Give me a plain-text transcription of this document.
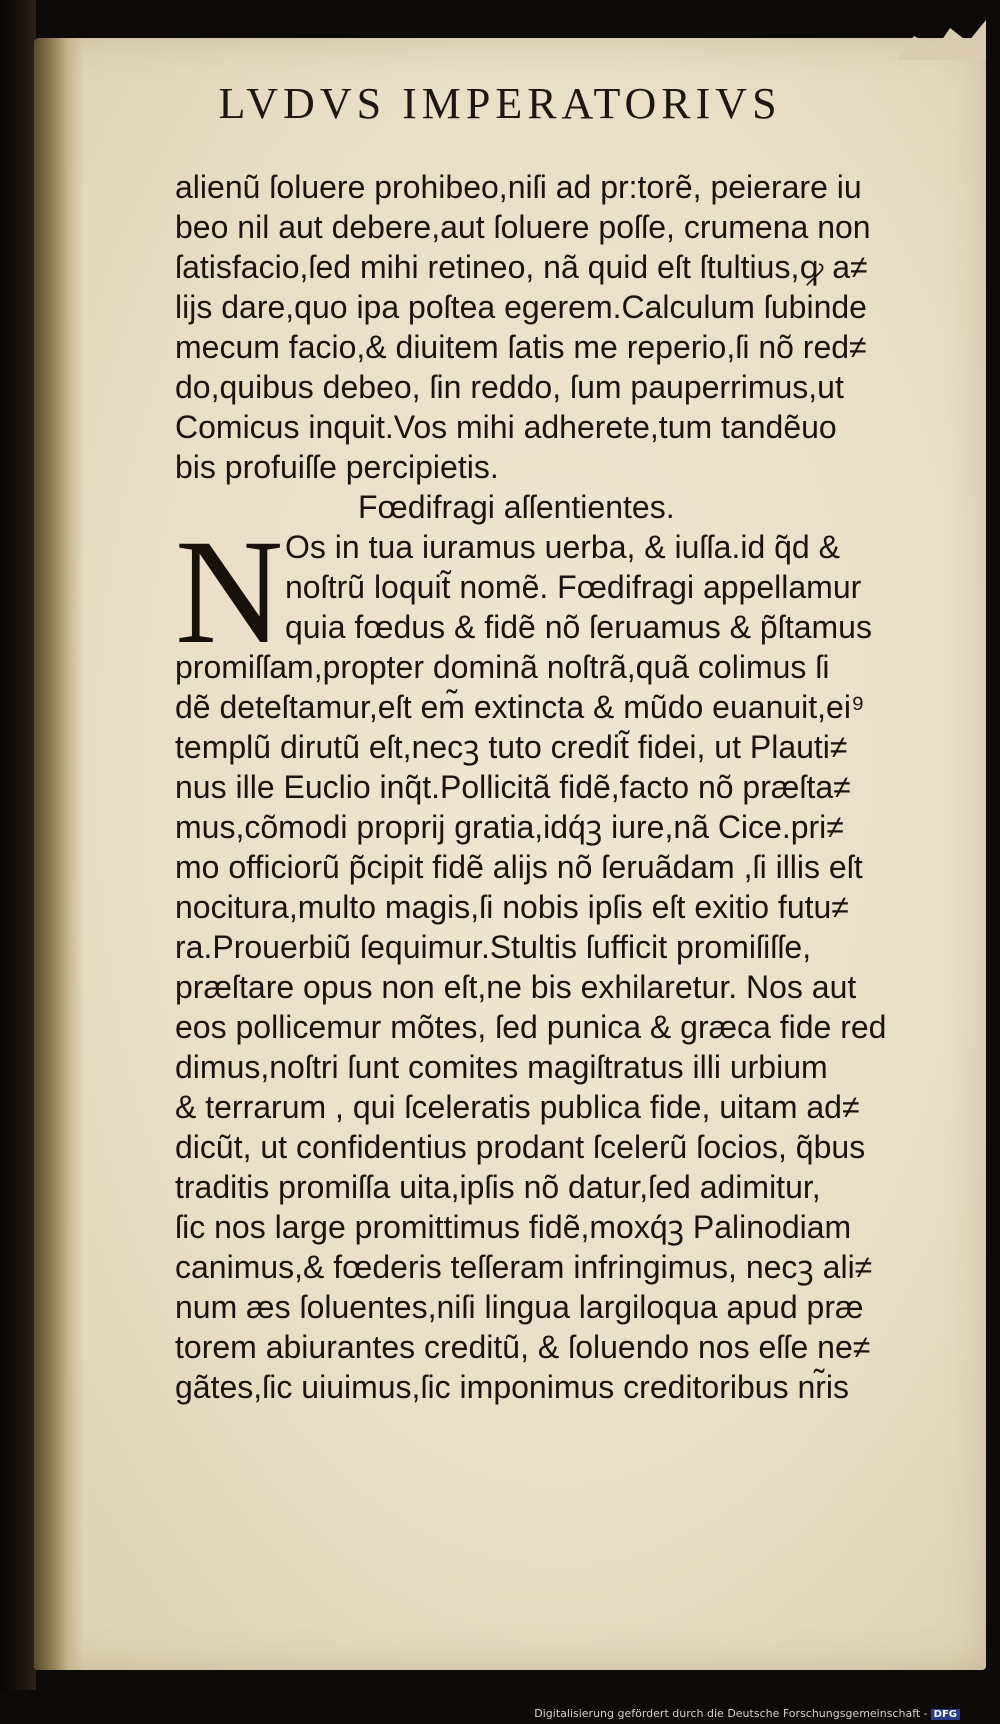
LVDVS IMPERATORIVS
alienũ ſoluere prohibeo,niſi ad pr:torẽ, peierare iu
beo nil aut debere,aut ſoluere poſſe, crumena non
ſatisfacio,ſed mihi retineo, nã quid eſt ſtultius,ꝙ a≠
lijs dare,quo ipa poſtea egerem.Calculum ſubinde
mecum facio,& diuitem ſatis me reperio,ſi nõ red≠
do,quibus debeo, ſin reddo, ſum pauperrimus,ut
Comicus inquit.Vos mihi adherete,tum tandẽuo
bis profuiſſe percipietis.
Fœdifragi aſſentientes.
N Os in tua iuramus uerba, & iuſſa.id q̃d &
noſtrũ loquit̃ nomẽ. Fœdifragi appellamur
quia fœdus & fidẽ nõ ſeruamus & p̃ſtamus
promiſſam,propter dominã noſtrã,quã colimus ſi
dẽ deteſtamur,eſt em̃ extincta & mũdo euanuit,ei⁹
templũ dirutũ eſt,necꝫ tuto credit̃ fidei, ut Plauti≠
nus ille Euclio inq̃t.Pollicitã fidẽ,facto nõ præſta≠
mus,cõmodi proprij gratia,idq́ꝫ iure,nã Cice.pri≠
mo officiorũ p̃cipit fidẽ alijs nõ ſeruãdam ,ſi illis eſt
nocitura,multo magis,ſi nobis ipſis eſt exitio futu≠
ra.Prouerbiũ ſequimur.Stultis ſufficit promiſiſſe,
præſtare opus non eſt,ne bis exhilaretur. Nos aut
eos pollicemur mõtes, ſed punica & græca fide red
dimus,noſtri ſunt comites magiſtratus illi urbium
& terrarum , qui ſceleratis publica fide, uitam ad≠
dicũt, ut confidentius prodant ſcelerũ ſocios, q̃bus
traditis promiſſa uita,ipſis nõ datur,ſed adimitur,
ſic nos large promittimus fidẽ,moxq́ꝫ Palinodiam
canimus,& fœderis teſſeram infringimus, necꝫ ali≠
num æs ſoluentes,niſi lingua largiloqua apud præ
torem abiurantes creditũ, & ſoluendo nos eſſe ne≠
gãtes,ſic uiuimus,ſic imponimus creditoribus nr̃is
Digitalisierung gefördert durch die Deutsche Forschungsgemeinschaft - DFG
